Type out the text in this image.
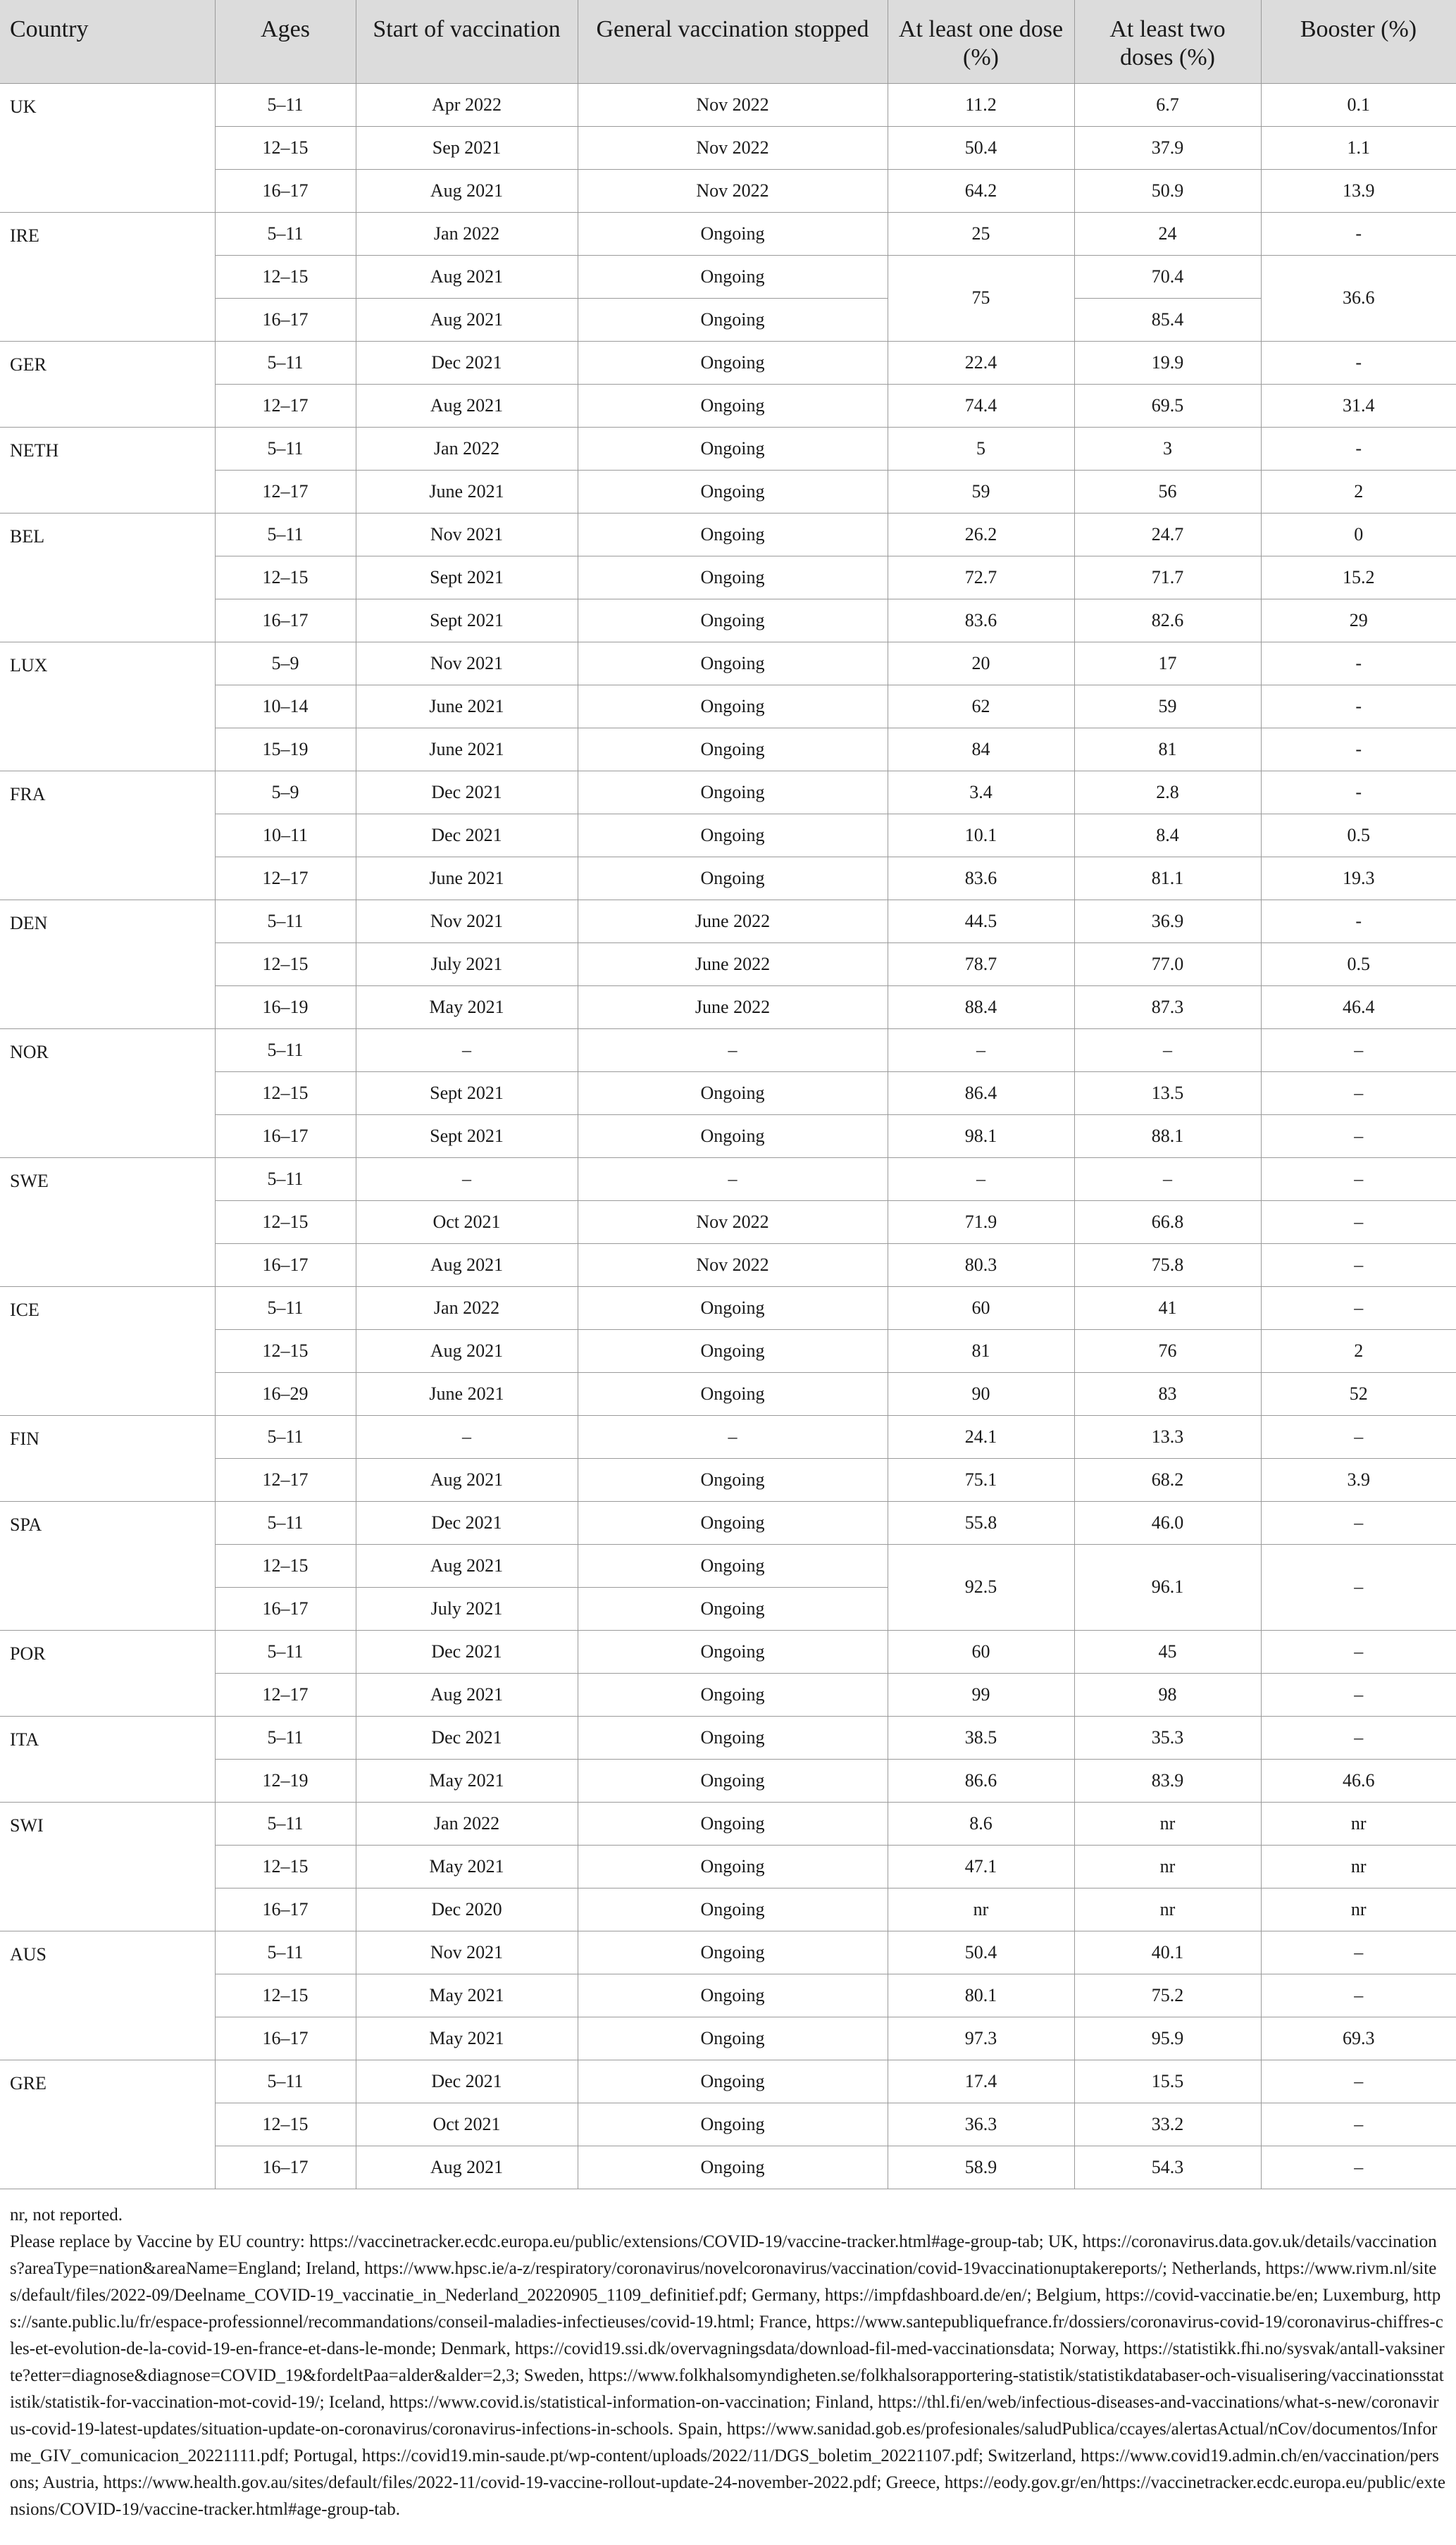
Country	Ages	Start of vaccination	General vaccination stopped	At least one dose (%)	At least two doses (%)	Booster (%)
UK	5–11	Apr 2022	Nov 2022	11.2	6.7	0.1
	12–15	Sep 2021	Nov 2022	50.4	37.9	1.1
	16–17	Aug 2021	Nov 2022	64.2	50.9	13.9
IRE	5–11	Jan 2022	Ongoing	25	24	-
	12–15	Aug 2021	Ongoing	75	70.4	36.6
	16–17	Aug 2021	Ongoing		85.4	
GER	5–11	Dec 2021	Ongoing	22.4	19.9	-
	12–17	Aug 2021	Ongoing	74.4	69.5	31.4
NETH	5–11	Jan 2022	Ongoing	5	3	-
	12–17	June 2021	Ongoing	59	56	2
BEL	5–11	Nov 2021	Ongoing	26.2	24.7	0
	12–15	Sept 2021	Ongoing	72.7	71.7	15.2
	16–17	Sept 2021	Ongoing	83.6	82.6	29
LUX	5–9	Nov 2021	Ongoing	20	17	-
	10–14	June 2021	Ongoing	62	59	-
	15–19	June 2021	Ongoing	84	81	-
FRA	5–9	Dec 2021	Ongoing	3.4	2.8	-
	10–11	Dec 2021	Ongoing	10.1	8.4	0.5
	12–17	June 2021	Ongoing	83.6	81.1	19.3
DEN	5–11	Nov 2021	June 2022	44.5	36.9	-
	12–15	July 2021	June 2022	78.7	77.0	0.5
	16–19	May 2021	June 2022	88.4	87.3	46.4
NOR	5–11	–	–	–	–	–
	12–15	Sept 2021	Ongoing	86.4	13.5	–
	16–17	Sept 2021	Ongoing	98.1	88.1	–
SWE	5–11	–	–	–	–	–
	12–15	Oct 2021	Nov 2022	71.9	66.8	–
	16–17	Aug 2021	Nov 2022	80.3	75.8	–
ICE	5–11	Jan 2022	Ongoing	60	41	–
	12–15	Aug 2021	Ongoing	81	76	2
	16–29	June 2021	Ongoing	90	83	52
FIN	5–11	–	–	24.1	13.3	–
	12–17	Aug 2021	Ongoing	75.1	68.2	3.9
SPA	5–11	Dec 2021	Ongoing	55.8	46.0	–
	12–15	Aug 2021	Ongoing	92.5	96.1	–
	16–17	July 2021	Ongoing			
POR	5–11	Dec 2021	Ongoing	60	45	–
	12–17	Aug 2021	Ongoing	99	98	–
ITA	5–11	Dec 2021	Ongoing	38.5	35.3	–
	12–19	May 2021	Ongoing	86.6	83.9	46.6
SWI	5–11	Jan 2022	Ongoing	8.6	nr	nr
	12–15	May 2021	Ongoing	47.1	nr	nr
	16–17	Dec 2020	Ongoing	nr	nr	nr
AUS	5–11	Nov 2021	Ongoing	50.4	40.1	–
	12–15	May 2021	Ongoing	80.1	75.2	–
	16–17	May 2021	Ongoing	97.3	95.9	69.3
GRE	5–11	Dec 2021	Ongoing	17.4	15.5	–
	12–15	Oct 2021	Ongoing	36.3	33.2	–
	16–17	Aug 2021	Ongoing	58.9	54.3	–

nr, not reported.

Please replace by Vaccine by EU country: https://vaccinetracker.ecdc.europa.eu/public/extensions/COVID-19/vaccine-tracker.html#age-group-tab; UK, https://coronavirus.data.gov.uk/details/vaccinations?areaType=nation&areaName=England; Ireland, https://www.hpsc.ie/a-z/respiratory/coronavirus/novelcoronavirus/vaccination/covid-19vaccinationuptakereports/; Netherlands, https://www.rivm.nl/sites/default/files/2022-09/Deelname_COVID-19_vaccinatie_in_Nederland_20220905_1109_definitief.pdf; Germany, https://impfdashboard.de/en/; Belgium, https://covid-vaccinatie.be/en; Luxemburg, https://sante.public.lu/fr/espace-professionnel/recommandations/conseil-maladies-infectieuses/covid-19.html; France, https://www.santepubliquefrance.fr/dossiers/coronavirus-covid-19/coronavirus-chiffres-cles-et-evolution-de-la-covid-19-en-france-et-dans-le-monde; Denmark, https://covid19.ssi.dk/overvagningsdata/download-fil-med-vaccinationsdata; Norway, https://statistikk.fhi.no/sysvak/antall-vaksinerte?etter=diagnose&diagnose=COVID_19&fordeltPaa=alder&alder=2,3; Sweden, https://www.folkhalsomyndigheten.se/folkhalsorapportering-statistik/statistikdatabaser-och-visualisering/vaccinationsstatistik/statistik-for-vaccination-mot-covid-19/; Iceland, https://www.covid.is/statistical-information-on-vaccination; Finland, https://thl.fi/en/web/infectious-diseases-and-vaccinations/what-s-new/coronavirus-covid-19-latest-updates/situation-update-on-coronavirus/coronavirus-infections-in-schools. Spain, https://www.sanidad.gob.es/profesionales/saludPublica/ccayes/alertasActual/nCov/documentos/Informe_GIV_comunicacion_20221111.pdf; Portugal, https://covid19.min-saude.pt/wp-content/uploads/2022/11/DGS_boletim_20221107.pdf; Switzerland, https://www.covid19.admin.ch/en/vaccination/persons; Austria, https://www.health.gov.au/sites/default/files/2022-11/covid-19-vaccine-rollout-update-24-november-2022.pdf; Greece, https://eody.gov.gr/en/https://vaccinetracker.ecdc.europa.eu/public/extensions/COVID-19/vaccine-tracker.html#age-group-tab.
